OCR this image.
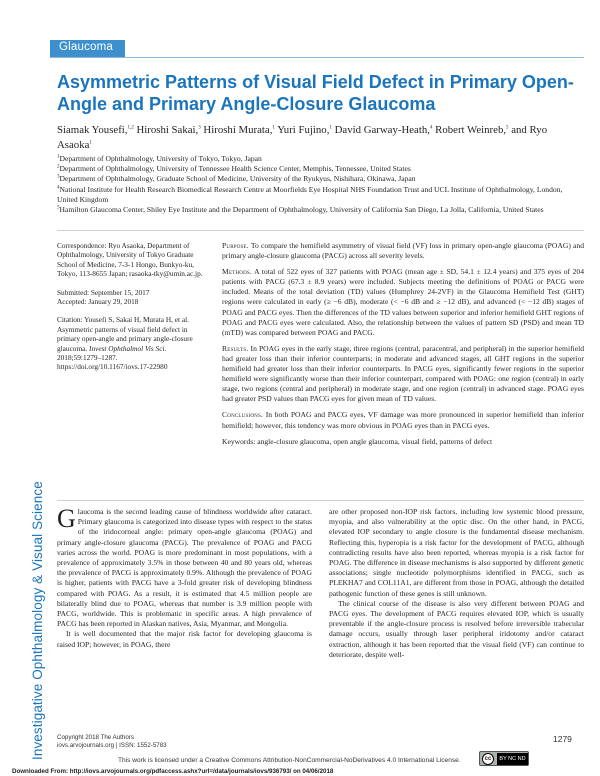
Investigative Ophthalmology & Visual Science
Glaucoma
Asymmetric Patterns of Visual Field Defect in Primary Open-Angle and Primary Angle-Closure Glaucoma
Siamak Yousefi,$^{1,2}$ Hiroshi Sakai,$^3$ Hiroshi Murata,$^1$ Yuri Fujino,$^1$ David Garway-Heath,$^4$ Robert Weinreb,$^5$ and Ryo Asaoka$^1$

$^1$Department of Ophthalmology, University of Tokyo, Tokyo, Japan

$^2$Department of Ophthalmology, University of Tennessee Health Science Center, Memphis, Tennessee, United States

$^3$Department of Ophthalmology, Graduate School of Medicine, University of the Ryukyus, Nishihara, Okinawa, Japan

$^4$National Institute for Health Research Biomedical Research Centre at Moorfields Eye Hospital NHS Foundation Trust and UCL Institute of Ophthalmology, London, United Kingdom

$^5$Hamilton Glaucoma Center, Shiley Eye Institute and the Department of Ophthalmology, University of California San Diego, La Jolla, California, United States

Correspondence: Ryo Asaoka, Department of Ophthalmology, University of Tokyo Graduate School of Medicine, 7-3-1 Hongo, Bunkyo-ku, Tokyo, 113-8655 Japan; rasaoka-tky@umin.ac.jp.

Submitted: September 15, 2017
Accepted: January 29, 2018

Citation: Yousefi S, Sakai H, Murata H, et al. Asymmetric patterns of visual field defect in primary open-angle and primary angle-closure glaucoma. Invest Ophthalmol Vis Sci. 2018;59:1279–1287. https://doi.org/10.1167/iovs.17-22980

Purpose. To compare the hemifield asymmetry of visual field (VF) loss in primary open-angle glaucoma (POAG) and primary angle-closure glaucoma (PACG) across all severity levels.

Methods. A total of 522 eyes of 327 patients with POAG (mean age ± SD, 54.1 ± 12.4 years) and 375 eyes of 204 patients with PACG (67.3 ± 8.9 years) were included. Subjects meeting the definitions of POAG or PACG were included. Means of the total deviation (TD) values (Humphrey 24-2VF) in the Glaucoma Hemifield Test (GHT) regions were calculated in early (≥ −6 dB), moderate (< −6 dB and ≥ −12 dB), and advanced (< −12 dB) stages of POAG and PACG eyes. Then the differences of the TD values between superior and inferior hemifield GHT regions of POAG and PACG eyes were calculated. Also, the relationship between the values of pattern SD (PSD) and mean TD (mTD) was compared between POAG and PACG.

Results. In POAG eyes in the early stage, three regions (central, paracentral, and peripheral) in the superior hemifield had greater loss than their inferior counterparts; in moderate and advanced stages, all GHT regions in the superior hemifield had greater loss than their inferior counterparts. In PACG eyes, significantly fewer regions in the superior hemifield were significantly worse than their inferior counterpart, compared with POAG: one region (central) in early stage, two regions (central and peripheral) in moderate stage, and one region (central) in advanced stage. POAG eyes had greater PSD values than PACG eyes for given mean of TD values.

Conclusions. In both POAG and PACG eyes, VF damage was more pronounced in superior hemifield than inferior hemifield; however, this tendency was more obvious in POAG eyes than in PACG eyes.

Keywords: angle-closure glaucoma, open angle glaucoma, visual field, patterns of defect

Glaucoma is the second leading cause of blindness worldwide after cataract. Primary glaucoma is categorized into disease types with respect to the status of the iridocorneal angle: primary open-angle glaucoma (POAG) and primary angle-closure glaucoma (PACG). The prevalence of POAG and PACG varies across the world. POAG is more predominant in most populations, with a prevalence of approximately 3.5% in those between 40 and 80 years old, whereas the prevalence of PACG is approximately 0.9%. Although the prevalence of POAG is higher, patients with PACG have a 3-fold greater risk of developing blindness compared with POAG. As a result, it is estimated that 4.5 million people are bilaterally blind due to POAG, whereas that number is 3.9 million people with PACG, worldwide. This is problematic in specific areas. A high prevalence of PACG has been reported in Alaskan natives, Asia, Myanmar, and Mongolia.

It is well documented that the major risk factor for developing glaucoma is raised IOP; however, in POAG, there

are other proposed non-IOP risk factors, including low systemic blood pressure, myopia, and also vulnerability at the optic disc. On the other hand, in PACG, elevated IOP secondary to angle closure is the fundamental disease mechanism. Reflecting this, hyperopia is a risk factor for the development of PACG, although contradicting results have also been reported, whereas myopia is a risk factor for POAG. The difference in disease mechanisms is also supported by different genetic associations; single nucleotide polymorphisms identified in PACG, such as PLEKHA7 and COL11A1, are different from those in POAG, although the detailed pathogenic function of these genes is still unknown.

The clinical course of the disease is also very different between POAG and PACG eyes. The development of PACG requires elevated IOP, which is usually preventable if the angle-closure process is resolved before irreversible trabecular damage occurs, usually through laser peripheral iridotomy and/or cataract extraction, although it has been reported that the visual field (VF) can continue to deteriorate, despite well-

Copyright 2018 The Authors
iovs.arvojournals.org | ISSN: 1552-5783
1279
This work is licensed under a Creative Commons Attribution-NonCommercial-NoDerivatives 4.0 International License.	cc	BY NC ND
Downloaded From: http://iovs.arvojournals.org/pdfaccess.ashx?url=/data/journals/iovs/936793/ on 04/06/2018
